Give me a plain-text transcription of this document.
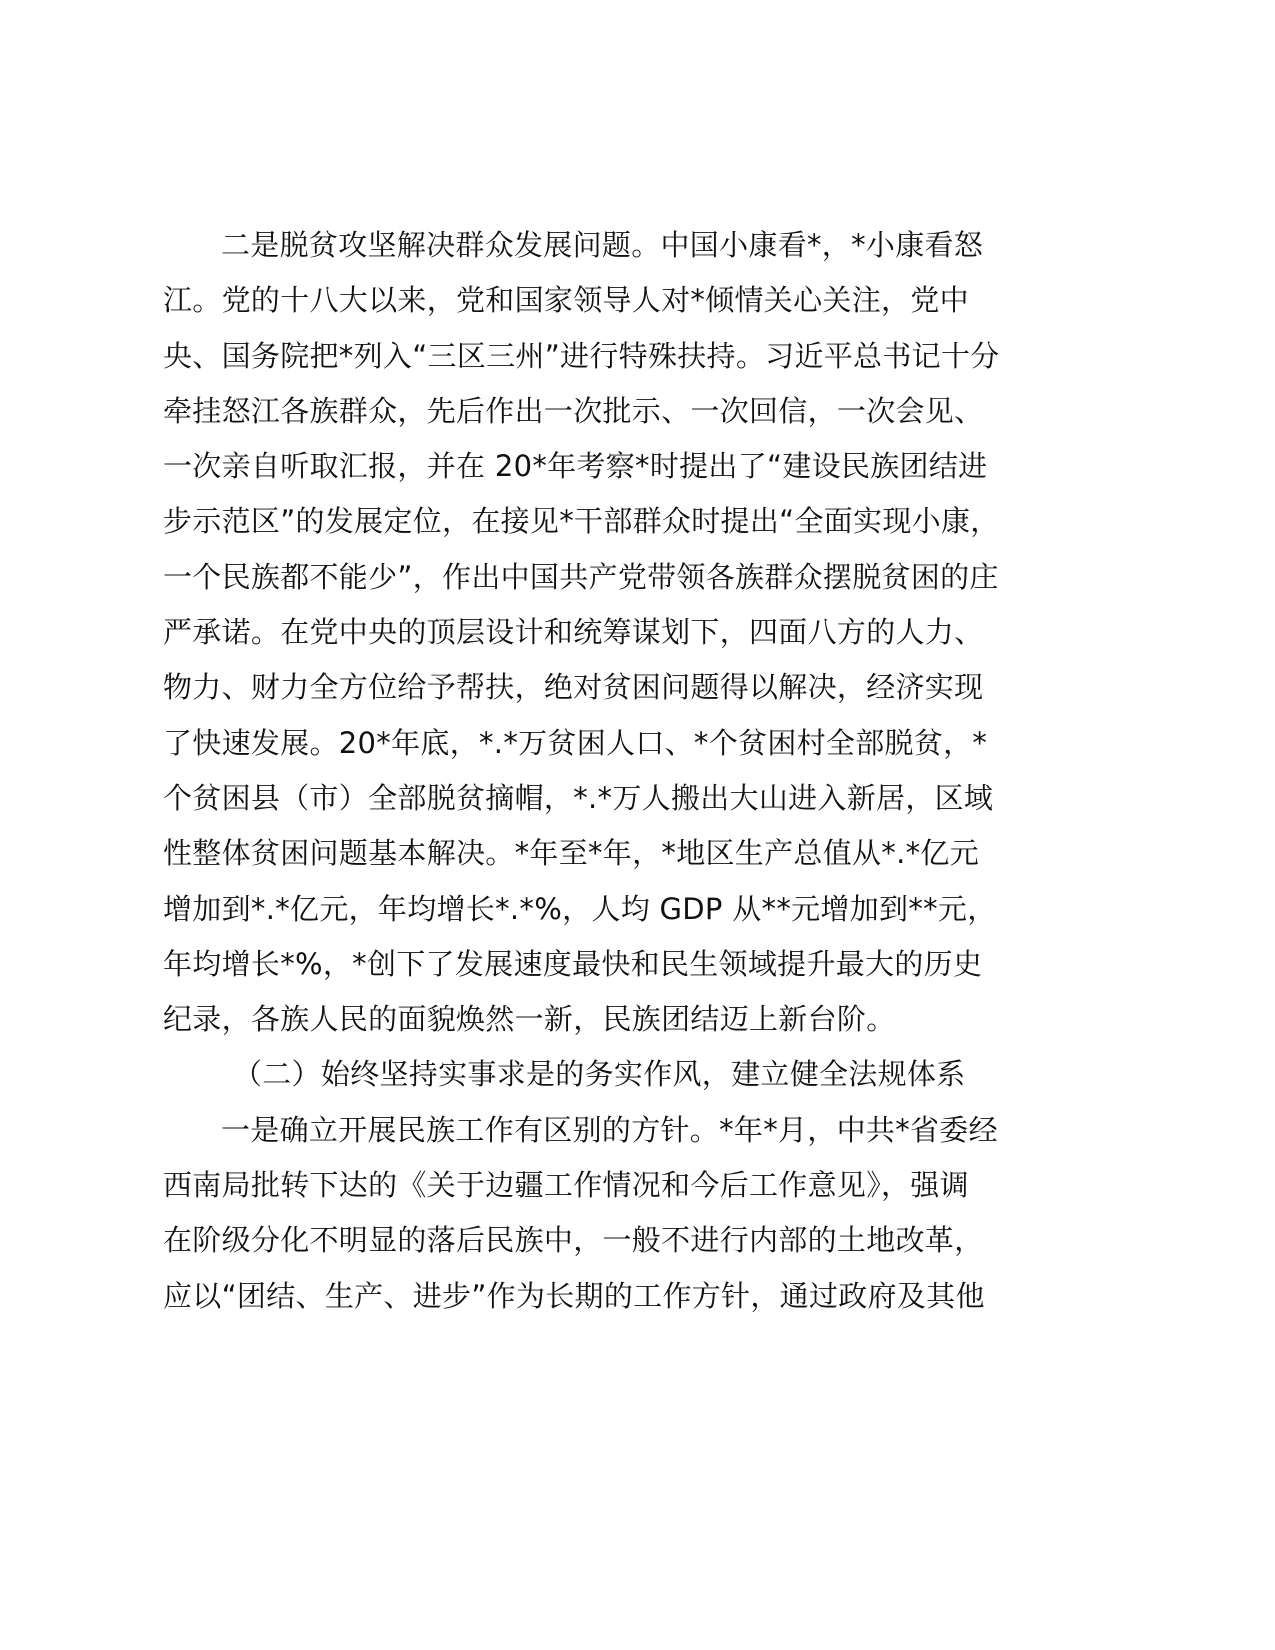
二是脱贫攻坚解决群众发展问题。中国小康看*，*小康看怒
江。党的十八大以来，党和国家领导人对*倾情关心关注，党中
央、国务院把*列入“三区三州”进行特殊扶持。习近平总书记十分
牵挂怒江各族群众，先后作出一次批示、一次回信，一次会见、
一次亲自听取汇报，并在 20*年考察*时提出了“建设民族团结进
步示范区”的发展定位，在接见*干部群众时提出“全面实现小康，
一个民族都不能少”，作出中国共产党带领各族群众摆脱贫困的庄
严承诺。在党中央的顶层设计和统筹谋划下，四面八方的人力、
物力、财力全方位给予帮扶，绝对贫困问题得以解决，经济实现
了快速发展。20*年底，*.*万贫困人口、*个贫困村全部脱贫，*
个贫困县（市）全部脱贫摘帽，*.*万人搬出大山进入新居，区域
性整体贫困问题基本解决。*年至*年，*地区生产总值从*.*亿元
增加到*.*亿元，年均增长*.*%，人均 GDP 从**元增加到**元，
年均增长*%，*创下了发展速度最快和民生领域提升最大的历史
纪录，各族人民的面貌焕然一新，民族团结迈上新台阶。
（二）始终坚持实事求是的务实作风，建立健全法规体系
一是确立开展民族工作有区别的方针。*年*月，中共*省委经
西南局批转下达的《关于边疆工作情况和今后工作意见》，强调
在阶级分化不明显的落后民族中，一般不进行内部的土地改革，
应以“团结、生产、进步”作为长期的工作方针，通过政府及其他
